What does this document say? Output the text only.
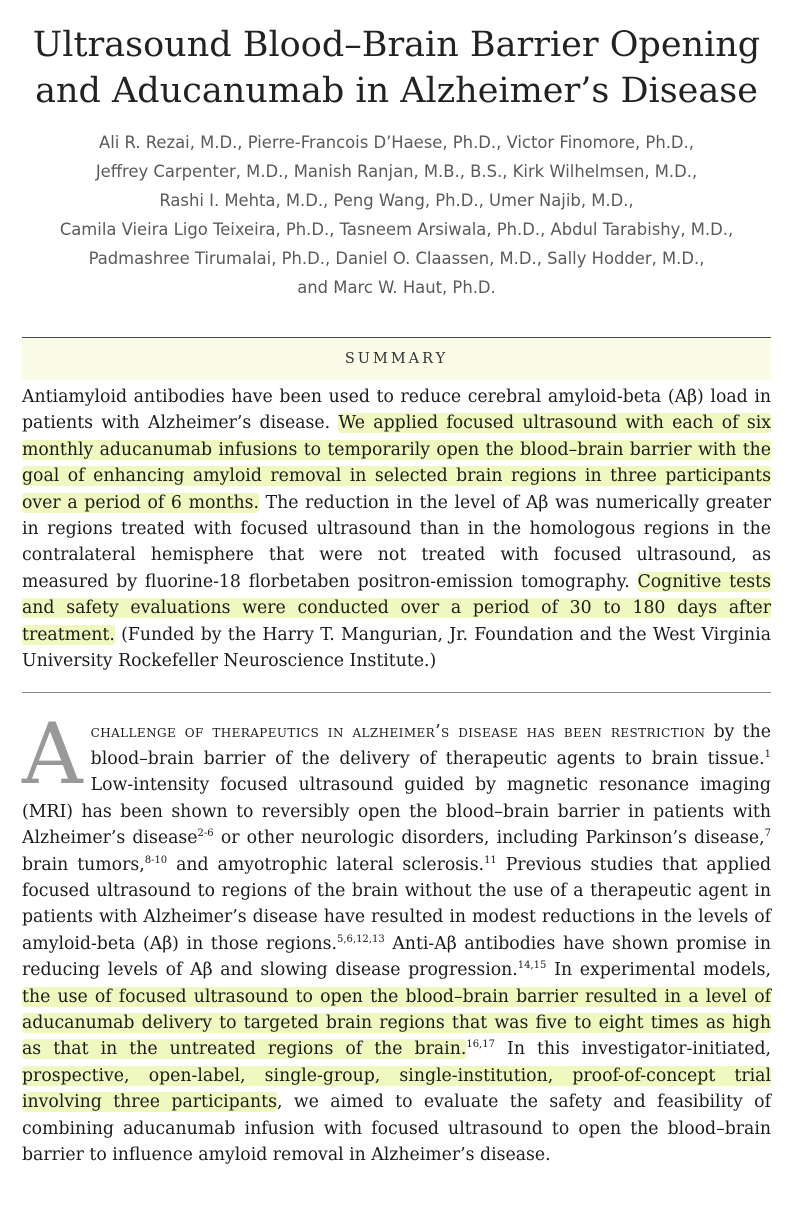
Ultrasound Blood–Brain Barrier Opening and Aducanumab in Alzheimer’s Disease
Ali R. Rezai, M.D., Pierre-Francois D’Haese, Ph.D., Victor Finomore, Ph.D.,
Jeffrey Carpenter, M.D., Manish Ranjan, M.B., B.S., Kirk Wilhelmsen, M.D.,
Rashi I. Mehta, M.D., Peng Wang, Ph.D., Umer Najib, M.D.,
Camila Vieira Ligo Teixeira, Ph.D., Tasneem Arsiwala, Ph.D., Abdul Tarabishy, M.D.,
Padmashree Tirumalai, Ph.D., Daniel O. Claassen, M.D., Sally Hodder, M.D.,
and Marc W. Haut, Ph.D.
SUMMARY
Antiamyloid antibodies have been used to reduce cerebral amyloid-beta (Aβ) load in patients with Alzheimer’s disease. We applied focused ultrasound with each of six monthly aducanumab infusions to temporarily open the blood–brain barrier with the goal of enhancing amyloid removal in selected brain regions in three participants over a period of 6 months. The reduction in the level of Aβ was numerically greater in regions treated with focused ultrasound than in the homologous regions in the contralateral hemisphere that were not treated with focused ultrasound, as measured by fluorine-18 florbetaben positron-emission tomography. Cognitive tests and safety evaluations were conducted over a period of 30 to 180 days after treatment. (Funded by the Harry T. Mangurian, Jr. Foundation and the West Virginia University Rockefeller Neuroscience Institute.)
A challenge of therapeutics in alzheimer’s disease has been restriction by the blood–brain barrier of the delivery of therapeutic agents to brain tissue.$^1$ Low-intensity focused ultrasound guided by magnetic resonance imaging (MRI) has been shown to reversibly open the blood–brain barrier in patients with Alzheimer’s disease$^{2-6}$ or other neurologic disorders, including Parkinson’s disease,$^7$ brain tumors,$^{8-10}$ and amyotrophic lateral sclerosis.$^{11}$ Previous studies that applied focused ultrasound to regions of the brain without the use of a therapeutic agent in patients with Alzheimer’s disease have resulted in modest reductions in the levels of amyloid-beta (Aβ) in those regions.$^{5,6,12,13}$ Anti-Aβ antibodies have shown promise in reducing levels of Aβ and slowing disease progression.$^{14,15}$ In experimental models, the use of focused ultrasound to open the blood–brain barrier resulted in a level of aducanumab delivery to targeted brain regions that was five to eight times as high as that in the untreated regions of the brain.$^{16,17}$ In this investigator-initiated, prospective, open-label, single-group, single-institution, proof-of-concept trial involving three participants, we aimed to evaluate the safety and feasibility of combining aducanumab infusion with focused ultrasound to open the blood–brain barrier to influence amyloid removal in Alzheimer’s disease.
